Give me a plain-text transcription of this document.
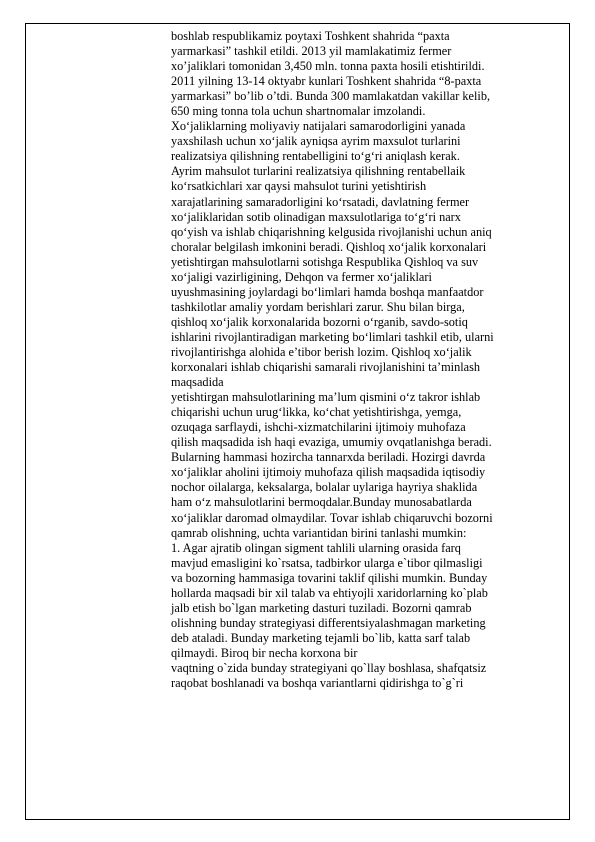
boshlab respublikamiz poytaxi Toshkent shahrida “paxta
yarmarkasi” tashkil etildi. 2013 yil mamlakatimiz fermer
xo’jaliklari tomonidan 3,450 mln. tonna paxta hosili etishtirildi.
2011 yilning 13-14 oktyabr kunlari Toshkent shahrida “8-paxta
yarmarkasi” bo’lib o’tdi. Bunda 300 mamlakatdan vakillar kelib,
650 ming tonna tola uchun shartnomalar imzolandi.
Xo‘jaliklarning moliyaviy natijalari samarodorligini yanada
yaxshilash uchun xo‘jalik ayniqsa ayrim maxsulot turlarini
realizatsiya qilishning rentabelligini to‘g‘ri aniqlash kerak.
Ayrim mahsulot turlarini realizatsiya qilishning rentabellaik
ko‘rsatkichlari xar qaysi mahsulot turini yetishtirish
xarajatlarining samaradorligini ko‘rsatadi, davlatning fermer
xo‘jaliklaridan sotib olinadigan maxsulotlariga to‘g‘ri narx
qo‘yish va ishlab chiqarishning kelgusida rivojlanishi uchun aniq
choralar belgilash imkonini beradi. Qishloq xo‘jalik korxonalari
yetishtirgan mahsulotlarni sotishga Respublika Qishloq va suv
xo‘jaligi vazirligining, Dehqon va fermer xo‘jaliklari
uyushmasining joylardagi bo‘limlari hamda boshqa manfaatdor
tashkilotlar amaliy yordam berishlari zarur. Shu bilan birga,
qishloq xo‘jalik korxonalarida bozorni o‘rganib, savdo-sotiq
ishlarini rivojlantiradigan marketing bo‘limlari tashkil etib, ularni
rivojlantirishga alohida e’tibor berish lozim. Qishloq xo‘jalik
korxonalari ishlab chiqarishi samarali rivojlanishini ta’minlash
maqsadida
yetishtirgan mahsulotlarining ma’lum qismini o‘z takror ishlab
chiqarishi uchun urug‘likka, ko‘chat yetishtirishga, yemga,
ozuqaga sarflaydi, ishchi-xizmatchilarini ijtimoiy muhofaza
qilish maqsadida ish haqi evaziga, umumiy ovqatlanishga beradi.
Bularning hammasi hozircha tannarxda beriladi. Hozirgi davrda
xo‘jaliklar aholini ijtimoiy muhofaza qilish maqsadida iqtisodiy
nochor oilalarga, keksalarga, bolalar uylariga hayriya shaklida
ham o‘z mahsulotlarini bermoqdalar.Bunday munosabatlarda
xo‘jaliklar daromad olmaydilar. Tovar ishlab chiqaruvchi bozorni
qamrab olishning, uchta variantidan birini tanlashi mumkin:
1. Agar ajratib olingan sigment tahlili ularning orasida farq
mavjud emasligini ko`rsatsa, tadbirkor ularga e`tibor qilmasligi
va bozorning hammasiga tovarini taklif qilishi mumkin. Bunday
hollarda maqsadi bir xil talab va ehtiyojli xaridorlarning ko`plab
jalb etish bo`lgan marketing dasturi tuziladi. Bozorni qamrab
olishning bunday strategiyasi differentsiyalashmagan marketing
deb ataladi. Bunday marketing tejamli bo`lib, katta sarf talab
qilmaydi. Biroq bir necha korxona bir
vaqtning o`zida bunday strategiyani qo`llay boshlasa, shafqatsiz
raqobat boshlanadi va boshqa variantlarni qidirishga to`g`ri
